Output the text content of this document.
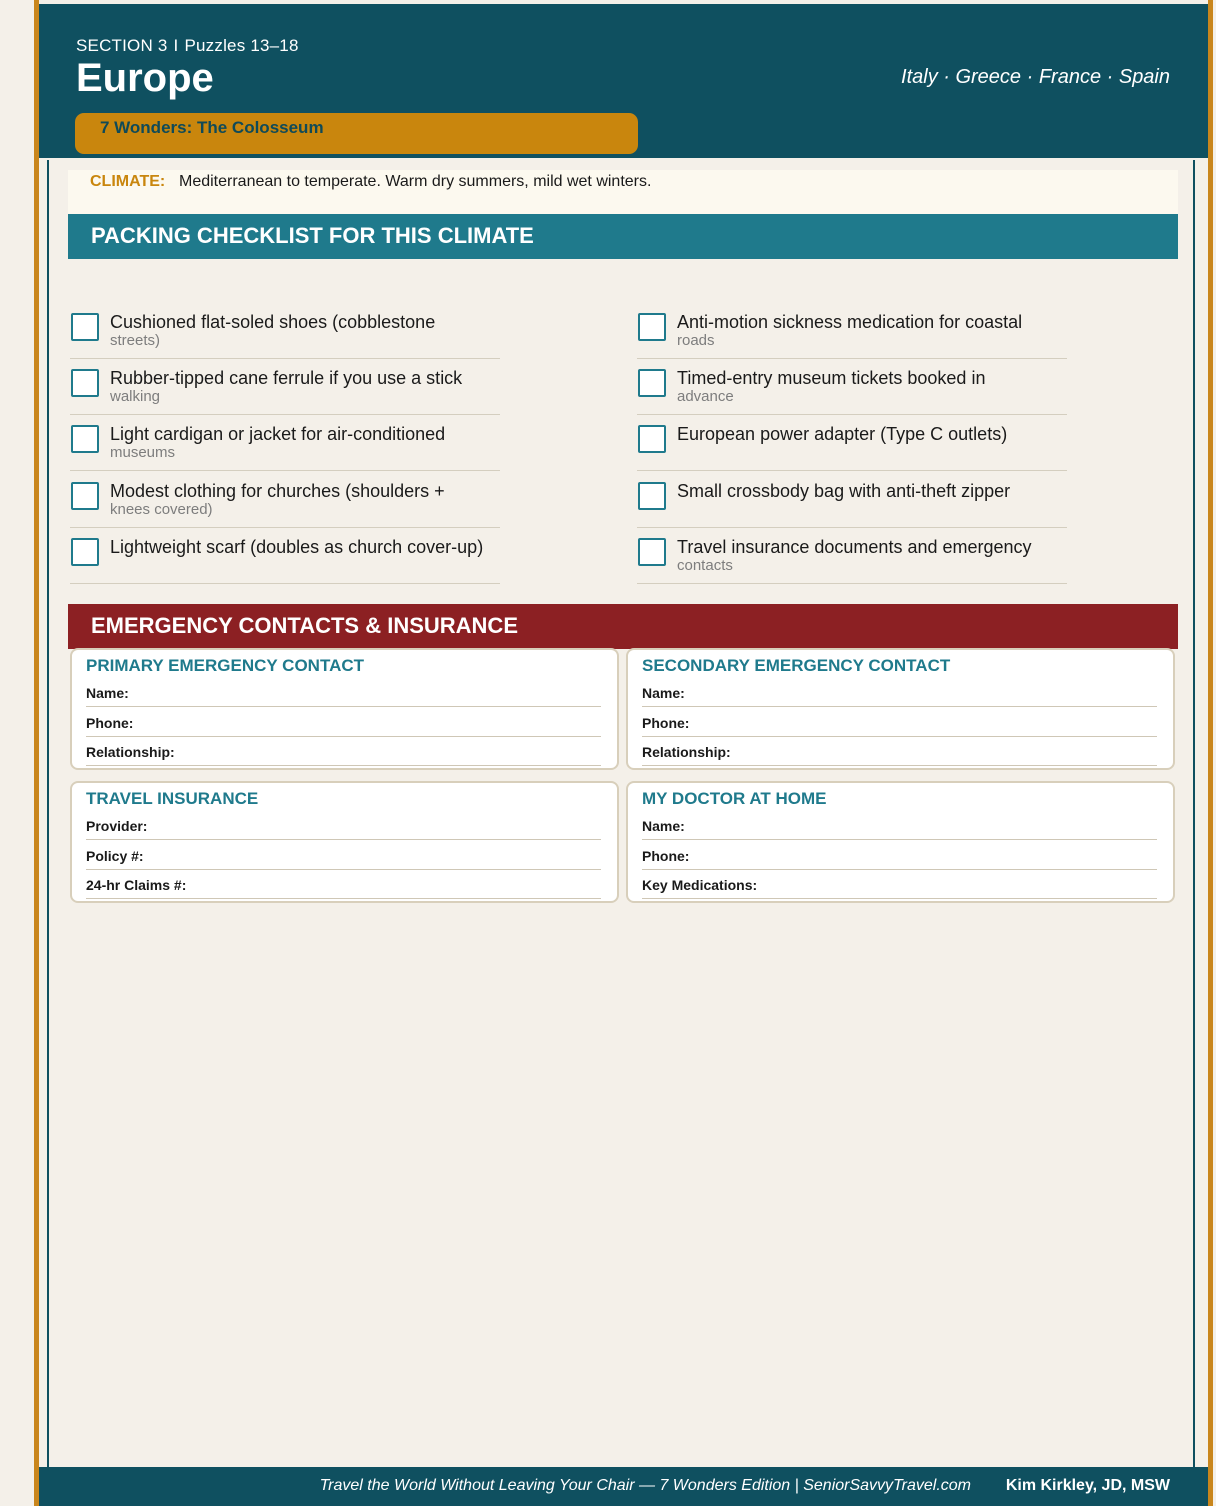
SECTION 3 I Puzzles 13–18
Europe	Italy · Greece · France · Spain
7 Wonders: The Colosseum
CLIMATE: Mediterranean to temperate. Warm dry summers, mild wet winters.
PACKING CHECKLIST FOR THIS CLIMATE
Cushioned flat-soled shoes (cobblestone
streets)
Rubber-tipped cane ferrule if you use a stick
walking
Light cardigan or jacket for air-conditioned
museums
Modest clothing for churches (shoulders +
knees covered)
Lightweight scarf (doubles as church cover-up)
Anti-motion sickness medication for coastal
roads
Timed-entry museum tickets booked in
advance
European power adapter (Type C outlets)
Small crossbody bag with anti-theft zipper
Travel insurance documents and emergency
contacts
EMERGENCY CONTACTS & INSURANCE
PRIMARY EMERGENCY CONTACT
Name:
Phone:
Relationship:
SECONDARY EMERGENCY CONTACT
Name:
Phone:
Relationship:
TRAVEL INSURANCE
Provider:
Policy #:
24-hr Claims #:
MY DOCTOR AT HOME
Name:
Phone:
Key Medications:
Travel the World Without Leaving Your Chair — 7 Wonders Edition | SeniorSavvyTravel.com Kim Kirkley, JD, MSW
